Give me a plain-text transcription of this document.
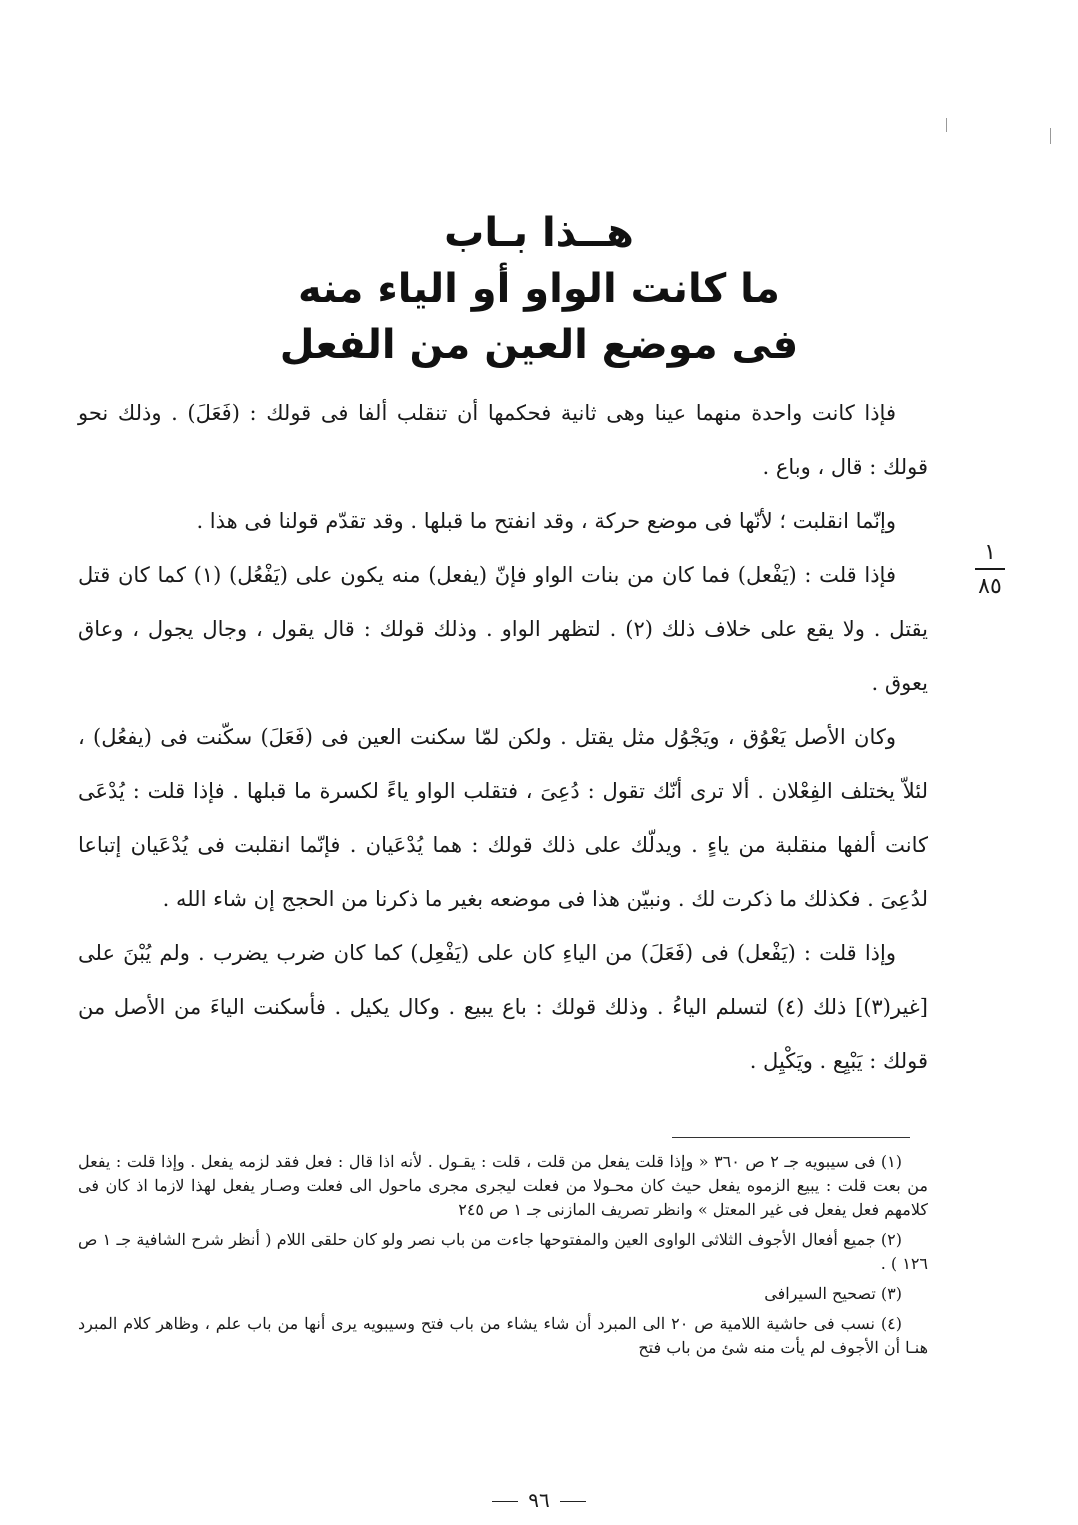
هــذا بـاب
ما كانت الواو أو الياء منه
فى موضع العين من الفعل
١
٨٥

فإذا كانت واحدة منهما عينا وهى ثانية فحكمها أن تنقلب ألفا فى قولك : (فَعَلَ) . وذلك نحو قولك : قال ، وباع .

وإنّما انقلبت ؛ لأنّها فى موضع حركة ، وقد انفتح ما قبلها . وقد تقدّم قولنا فى هذا .

فإذا قلت : (يَفْعل) فما كان من بنات الواو فإنّ (يفعل) منه يكون على (يَفْعُل) (١) كما كان قتل يقتل . ولا يقع على خلاف ذلك (٢) . لتظهر الواو . وذلك قولك : قال يقول ، وجال يجول ، وعاق يعوق .

وكان الأصل يَعْوُق ، ويَجْوُل مثل يقتل . ولكن لمّا سكنت العين فى (فَعَلَ) سكّنت فى (يفعُل) ، لئلاّ يختلف الفِعْلان . ألا ترى أنّك تقول : دُعِىَ ، فتقلب الواو ياءً لكسرة ما قبلها . فإذا قلت : يُدْعَى كانت ألفها منقلبة من ياءٍ . ويدلّك على ذلك قولك : هما يُدْعَيان . فإنّما انقلبت فى يُدْعَيان إتباعا لدُعِىَ . فكذلك ما ذكرت لك . ونبيّن هذا فى موضعه بغير ما ذكرنا من الحجج إن شاء الله .

وإذا قلت : (يَفْعل) فى (فَعَلَ) من الياءِ كان على (يَفْعِل) كما كان ضرب يضرب . ولم يُبْنَ على [غير(٣)] ذلك (٤) لتسلم الياءُ . وذلك قولك : باع يبيع . وكال يكيل . فأسكنت الياءَ من الأصل من قولك : يَبْيِع . ويَكْيِل .

(١) فى سيبويه جـ ٢ ص ٣٦٠ « وإذا قلت يفعل من قلت ، قلت : يقـول . لأنه اذا قال : فعل فقد لزمه يفعل . وإذا قلت : يفعل من بعت قلت : يبيع الزموه يفعل حيث كان محـولا من فعلت ليجرى مجرى ماحول الى فعلت وصـار يفعل لهذا لازما اذ كان فى كلامهم فعل يفعل فى غير المعتل » وانظر تصريف المازنى جـ ١ ص ٢٤٥

(٢) جميع أفعال الأجوف الثلاثى الواوى العين والمفتوحها جاءت من باب نصر ولو كان حلقى اللام ( أنظر شرح الشافية جـ ١ ص ١٢٦ ) .

(٣) تصحيح السيرافى

(٤) نسب فى حاشية اللامية ص ٢٠ الى المبرد أن شاء يشاء من باب فتح وسيبويه يرى أنها من باب علم ، وظاهر كلام المبرد هنـا أن الأجوف لم يأت منه شئ من باب فتح

٩٦
